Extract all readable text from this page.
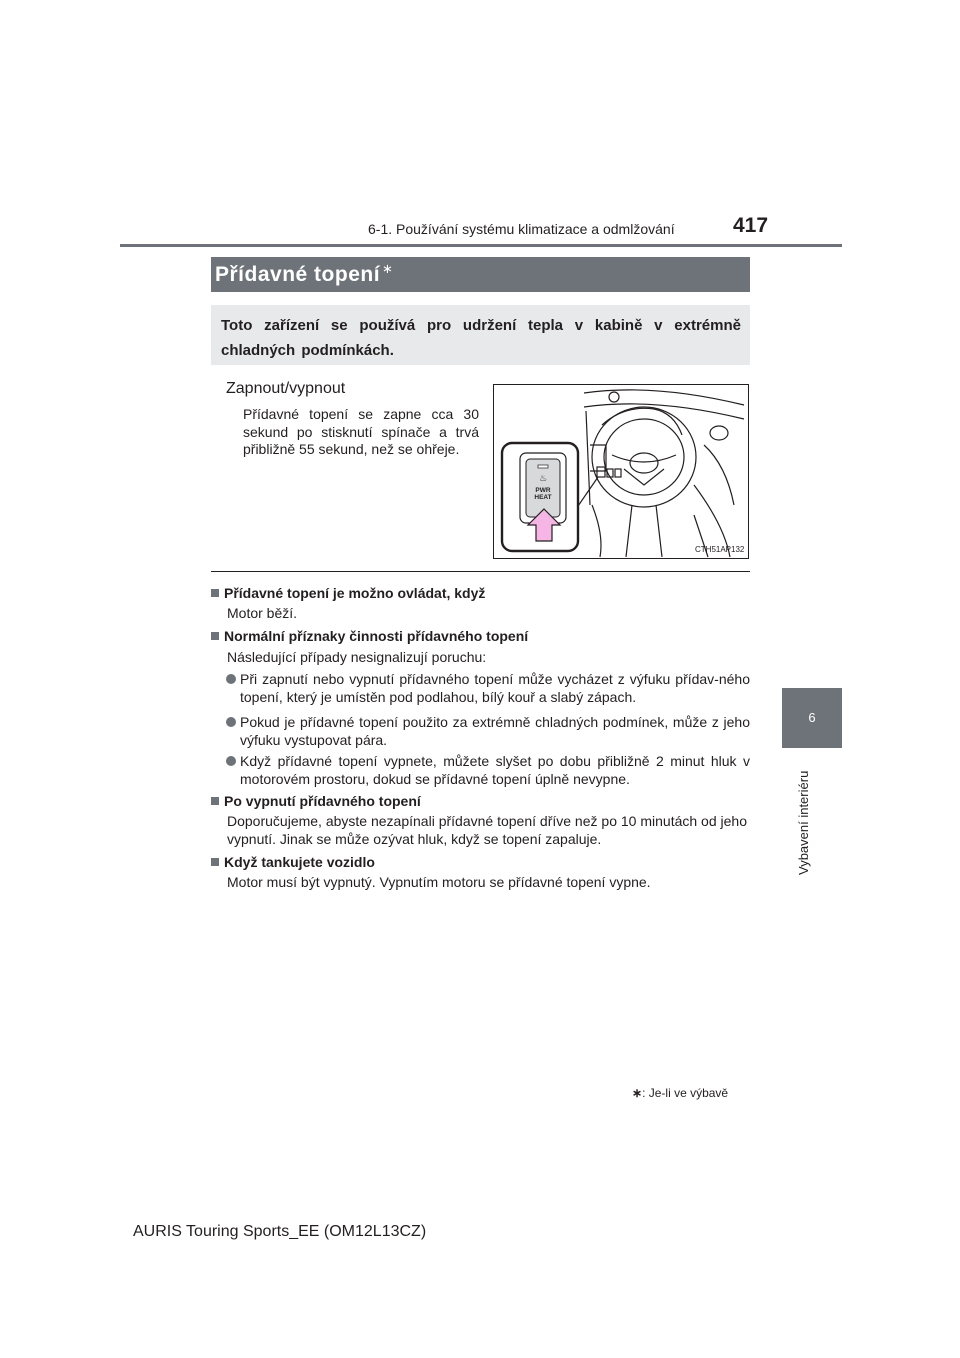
6-1. Používání systému klimatizace a odmlžování	417
6
Vybavení interiéru
Přídavné topení ∗
Toto zařízení se používá pro udržení tepla v kabině v extrémně chladných podmínkách.
Zapnout/vypnout
Přídavné topení se zapne cca 30 sekund po stisknutí spínače a trvá přibližně 55 sekund, než se ohřeje.
♨
PWR
HEAT
CTH51AP132
Přídavné topení je možno ovládat, když
Motor běží.
Normální příznaky činnosti přídavného topení
Následující případy nesignalizují poruchu:
Při zapnutí nebo vypnutí přídavného topení může vycházet z výfuku přídav-ného topení, který je umístěn pod podlahou, bílý kouř a slabý zápach.
Pokud je přídavné topení použito za extrémně chladných podmínek, může z jeho výfuku vystupovat pára.
Když přídavné topení vypnete, můžete slyšet po dobu přibližně 2 minut hluk v motorovém prostoru, dokud se přídavné topení úplně nevypne.
Po vypnutí přídavného topení
Doporučujeme, abyste nezapínali přídavné topení dříve než po 10 minutách od jeho vypnutí. Jinak se může ozývat hluk, když se topení zapaluje.
Když tankujete vozidlo
Motor musí být vypnutý. Vypnutím motoru se přídavné topení vypne.
∗: Je-li ve výbavě
AURIS Touring Sports_EE (OM12L13CZ)
